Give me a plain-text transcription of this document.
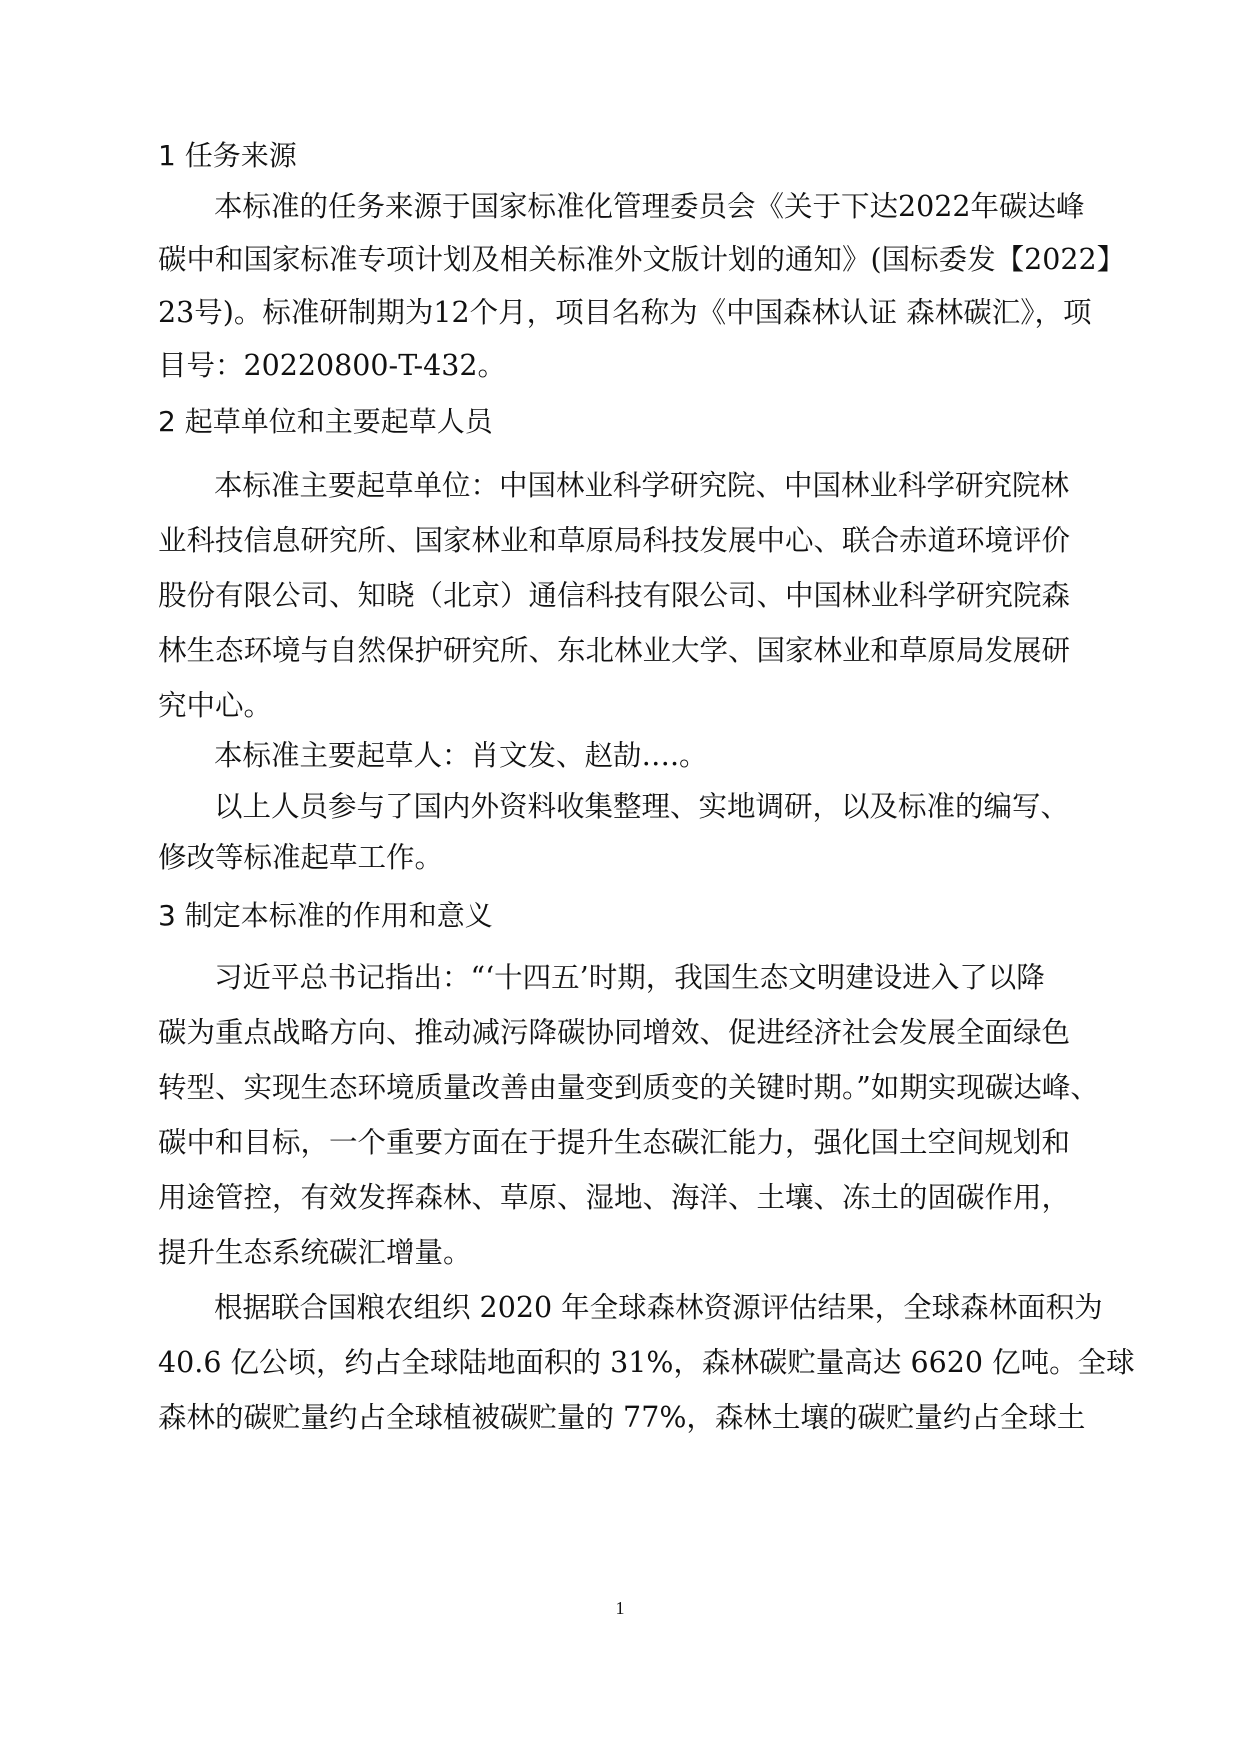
1 任务来源
本标准的任务来源于国家标准化管理委员会《关于下达2022年碳达峰
碳中和国家标准专项计划及相关标准外文版计划的通知》(国标委发【2022】
23号)。标准研制期为12个月，项目名称为《中国森林认证 森林碳汇》，项
目号：20220800-T-432。
2 起草单位和主要起草人员
本标准主要起草单位：中国林业科学研究院、中国林业科学研究院林
业科技信息研究所、国家林业和草原局科技发展中心、联合赤道环境评价
股份有限公司、知晓（北京）通信科技有限公司、中国林业科学研究院森
林生态环境与自然保护研究所、东北林业大学、国家林业和草原局发展研
究中心。
本标准主要起草人：肖文发、赵劼….。
以上人员参与了国内外资料收集整理、实地调研，以及标准的编写、
修改等标准起草工作。
3 制定本标准的作用和意义
习近平总书记指出：“‘十四五’时期，我国生态文明建设进入了以降
碳为重点战略方向、推动减污降碳协同增效、促进经济社会发展全面绿色
转型、实现生态环境质量改善由量变到质变的关键时期。”如期实现碳达峰、
碳中和目标，一个重要方面在于提升生态碳汇能力，强化国土空间规划和
用途管控，有效发挥森林、草原、湿地、海洋、土壤、冻土的固碳作用，
提升生态系统碳汇增量。
根据联合国粮农组织 2020 年全球森林资源评估结果，全球森林面积为
40.6 亿公顷，约占全球陆地面积的 31%，森林碳贮量高达 6620 亿吨。全球
森林的碳贮量约占全球植被碳贮量的 77%，森林土壤的碳贮量约占全球土
1
